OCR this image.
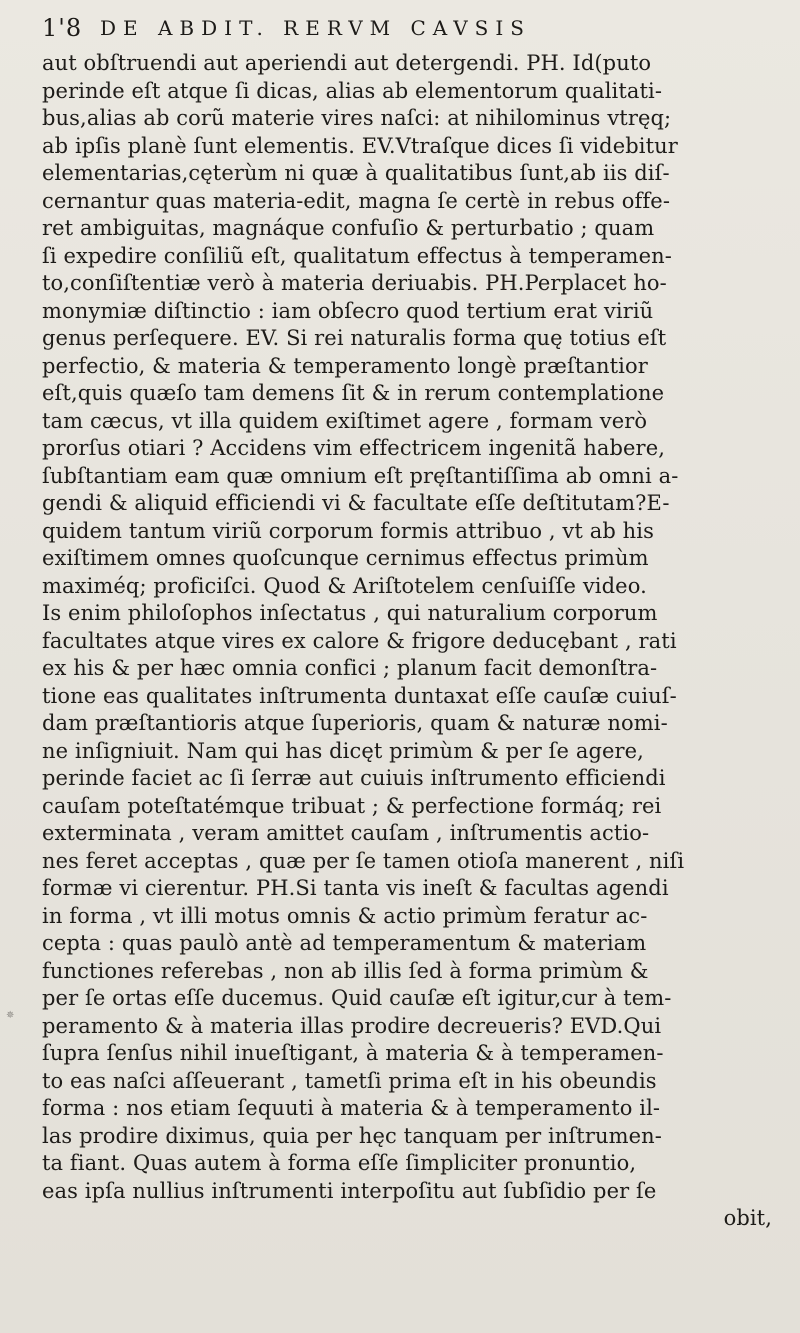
1'8 DE ABDIT. RERVM CAVSIS
aut obſtruendi aut aperiendi aut detergendi. PH. Id(puto
perinde eſt atque ſi dicas, alias ab elementorum qualitati-
bus,alias ab corũ materie vires naſci: at nihilominus vtręq;
ab ipſis planè ſunt elementis. EV.Vtraſque dices ſi videbitur
elementarias,cęterùm ni quæ à qualitatibus ſunt,ab iis diſ-
cernantur quas materia-edit, magna ſe certè in rebus offe-
ret ambiguitas, magnáque confuſio & perturbatio ; quam
ſi expedire conſiliũ eſt, qualitatum effectus à temperamen-
to,conſiſtentiæ verò à materia deriuabis. PH.Perplacet ho-
monymiæ diſtinctio : iam obſecro quod tertium erat viriũ
genus perſequere. EV. Si rei naturalis forma quę totius eſt
perfectio, & materia & temperamento longè præſtantior
eſt,quis quæſo tam demens ſit & in rerum contemplatione
tam cæcus, vt illa quidem exiſtimet agere , formam verò
prorſus otiari ? Accidens vim effectricem ingenitã habere,
ſubſtantiam eam quæ omnium eſt pręſtantiſſima ab omni a-
gendi & aliquid efficiendi vi & facultate eſſe deſtitutam?E-
quidem tantum viriũ corporum formis attribuo , vt ab his
exiſtimem omnes quoſcunque cernimus effectus primùm
maximéq; proficiſci. Quod & Ariſtotelem cenſuiſſe video.
Is enim philoſophos inſectatus , qui naturalium corporum
facultates atque vires ex calore & frigore deducębant , rati
ex his & per hæc omnia confici ; planum facit demonſtra-
tione eas qualitates inſtrumenta duntaxat eſſe cauſæ cuiuſ-
dam præſtantioris atque ſuperioris, quam & naturæ nomi-
ne inſigniuit. Nam qui has dicęt primùm & per ſe agere,
perinde faciet ac ſi ſerræ aut cuiuis inſtrumento efficiendi
cauſam poteſtatémque tribuat ; & perfectione formáq; rei
exterminata , veram amittet cauſam , inſtrumentis actio-
nes feret acceptas , quæ per ſe tamen otioſa manerent , niſi
formæ vi cierentur. PH.Si tanta vis ineſt & facultas agendi
in forma , vt illi motus omnis & actio primùm feratur ac-
cepta : quas paulò antè ad temperamentum & materiam
functiones referebas , non ab illis ſed à forma primùm &
per ſe ortas eſſe ducemus. Quid cauſæ eſt igitur,cur à tem-
peramento & à materia illas prodire decreueris? EVD.Qui
ſupra ſenſus nihil inueſtigant, à materia & à temperamen-
to eas naſci aſſeuerant , tametſi prima eſt in his obeundis
forma : nos etiam ſequuti à materia & à temperamento il-
las prodire diximus, quia per hęc tanquam per inſtrumen-
ta fiant. Quas autem à forma eſſe ſimpliciter pronuntio,
eas ipſa nullius inſtrumenti interpoſitu aut ſubſidio per ſe
obit,
✵
